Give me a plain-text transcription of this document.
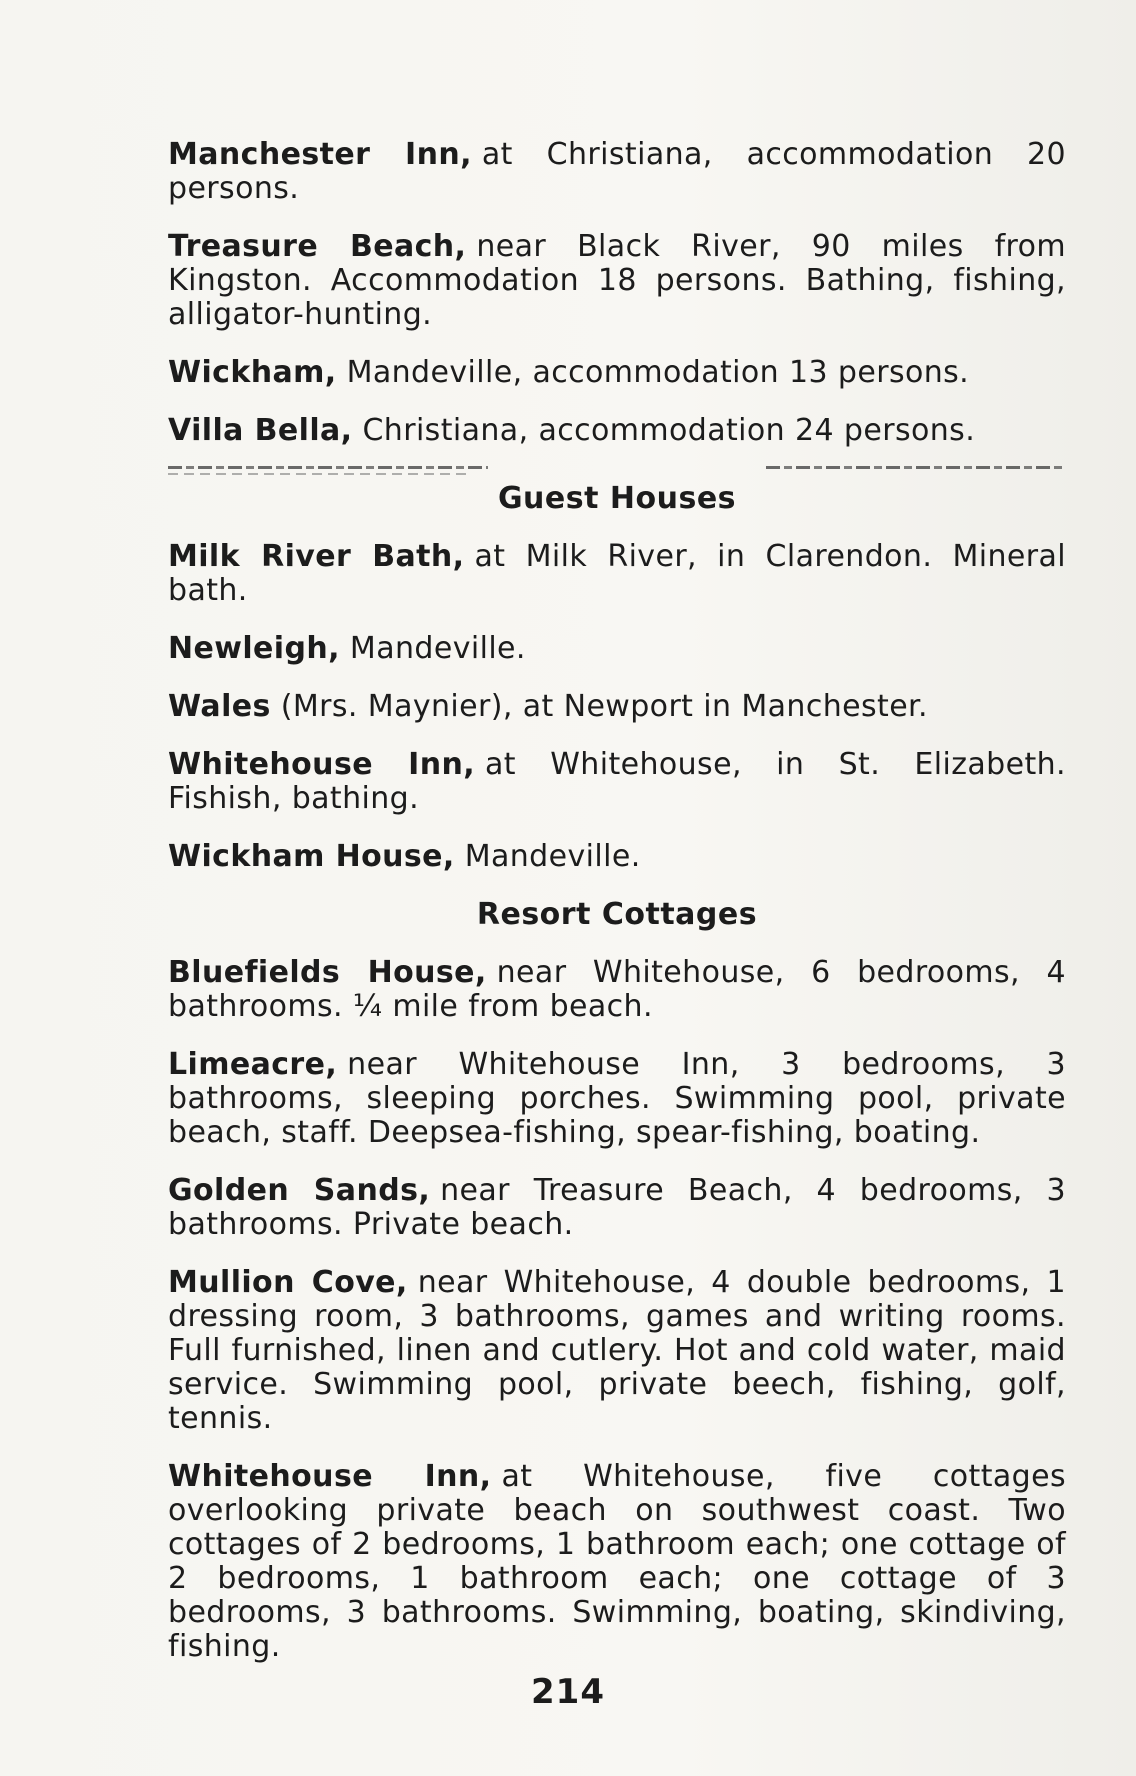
Manchester Inn, at Christiana, accommodation 20 persons.

Treasure Beach, near Black River, 90 miles from Kingston. Accommodation 18 persons. Bathing, fishing, alligator-hunting.

Wickham, Mandeville, accommodation 13 persons.

Villa Bella, Christiana, accommodation 24 persons.

Guest Houses

Milk River Bath, at Milk River, in Clarendon. Mineral bath.

Newleigh, Mandeville.

Wales (Mrs. Maynier), at Newport in Manchester.

Whitehouse Inn, at Whitehouse, in St. Elizabeth. Fishish, bathing.

Wickham House, Mandeville.

Resort Cottages

Bluefields House, near Whitehouse, 6 bedrooms, 4 bathrooms. ¼ mile from beach.

Limeacre, near Whitehouse Inn, 3 bedrooms, 3 bathrooms, sleeping porches. Swimming pool, private beach, staff. Deepsea-fishing, spear-fishing, boating.

Golden Sands, near Treasure Beach, 4 bedrooms, 3 bathrooms. Private beach.

Mullion Cove, near Whitehouse, 4 double bedrooms, 1 dressing room, 3 bathrooms, games and writing rooms. Full furnished, linen and cutlery. Hot and cold water, maid service. Swimming pool, private beech, fishing, golf, tennis.

Whitehouse Inn, at Whitehouse, five cottages overlooking private beach on southwest coast. Two cottages of 2 bedrooms, 1 bathroom each; one cottage of 2 bedrooms, 1 bathroom each; one cottage of 3 bedrooms, 3 bathrooms. Swimming, boating, skindiving, fishing.

214
